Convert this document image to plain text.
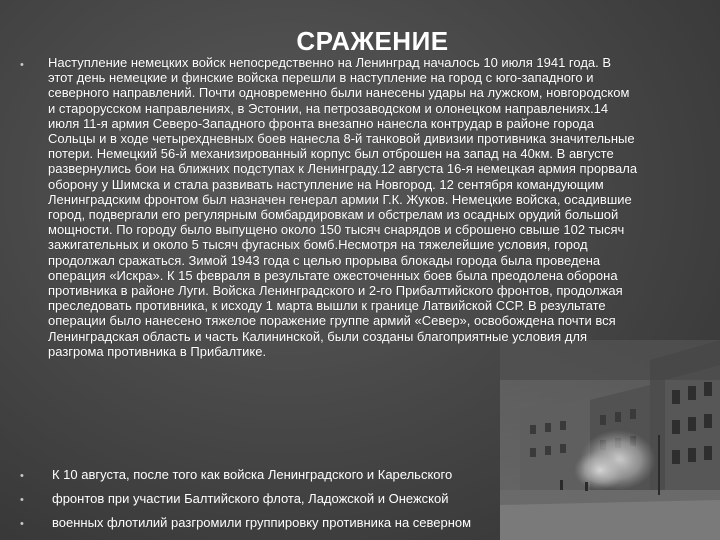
СРАЖЕНИЕ
• Наступление немецких войск непосредственно на Ленинград началось 10 июля 1941 года. В этот день немецкие и финские войска перешли в наступление на город с юго-западного и северного направлений. Почти одновременно были нанесены удары на лужском, новгородском и старорусском направлениях, в Эстонии, на петрозаводском и олонецком направлениях.14 июля 11-я армия Северо-Западного фронта внезапно нанесла контрудар в районе города Сольцы и в ходе четырехдневных боев нанесла 8-й танковой дивизии противника значительные потери. Немецкий 56-й механизированный корпус был отброшен на запад на 40км. В августе развернулись бои на ближних подступах к Ленинграду.12 августа 16-я немецкая армия прорвала оборону у Шимска и стала развивать наступление на Новгород. 12 сентября командующим Ленинградским фронтом был назначен генерал армии Г.К. Жуков. Немецкие войска, осадившие город, подвергали его регулярным бомбардировкам и обстрелам из осадных орудий большой мощности. По городу было выпущено около 150 тысяч снарядов и сброшено свыше 102 тысяч зажигательных и около 5 тысяч фугасных бомб.Несмотря на тяжелейшие условия, город продолжал сражаться. Зимой 1943 года с целью прорыва блокады города была проведена операция «Искра». К 15 февраля в результате ожесточенных боев была преодолена оборона противника в районе Луги. Войска Ленинградского и 2-го Прибалтийского фронтов, продолжая преследовать противника, к исходу 1 марта вышли к границе Латвийской ССР. В результате операции было нанесено тяжелое поражение группе армий «Север», освобождена почти вся Ленинградская область и часть Калининской, были созданы благоприятные условия для разгрома противника в Прибалтике.

• К 10 августа, после того как войска Ленинградского и Карельского

• фронтов при участии Балтийского флота, Ладожской и Онежской

• военных флотилий разгромили группировку противника на северном
